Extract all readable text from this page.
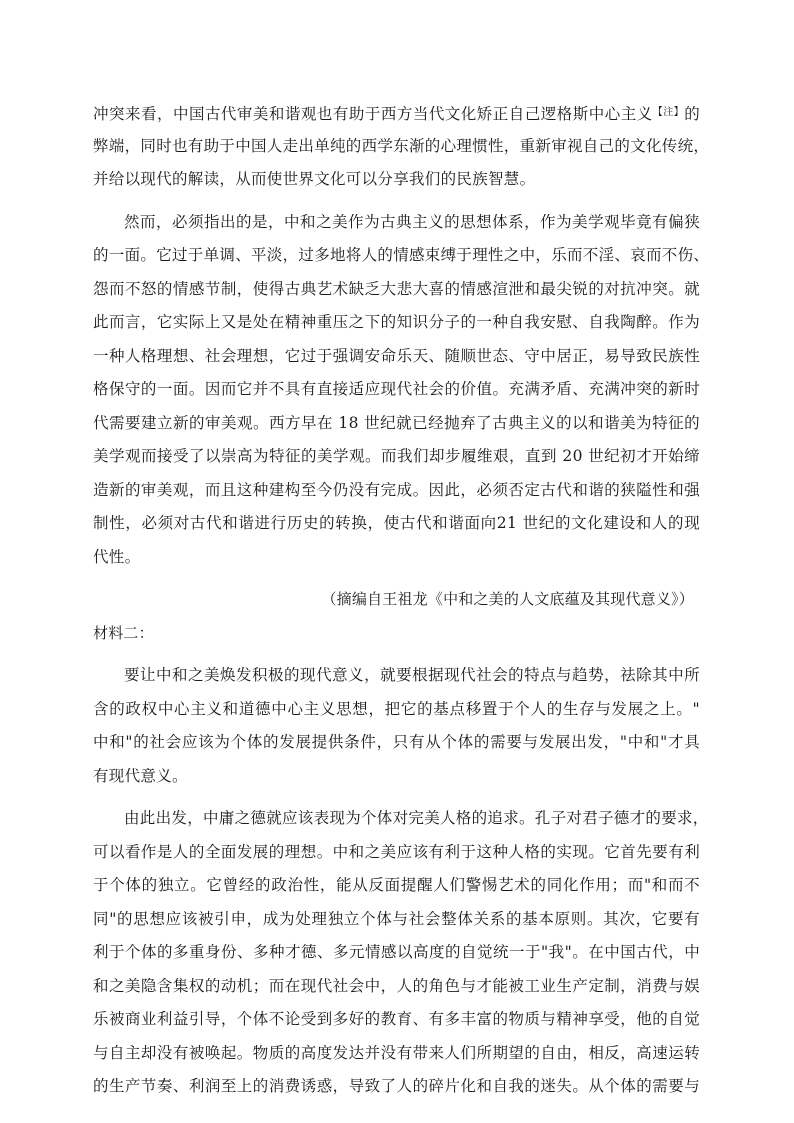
冲突来看，中国古代审美和谐观也有助于西方当代文化矫正自己逻格斯中心主义$^{【注】}$的
弊端，同时也有助于中国人走出单纯的西学东渐的心理惯性，重新审视自己的文化传统，
并给以现代的解读，从而使世界文化可以分享我们的民族智慧。
然而，必须指出的是，中和之美作为古典主义的思想体系，作为美学观毕竟有偏狭
的一面。它过于单调、平淡，过多地将人的情感束缚于理性之中，乐而不淫、哀而不伤、
怨而不怒的情感节制，使得古典艺术缺乏大悲大喜的情感渲泄和最尖锐的对抗冲突。就
此而言，它实际上又是处在精神重压之下的知识分子的一种自我安慰、自我陶醉。作为
一种人格理想、社会理想，它过于强调安命乐天、随顺世态、守中居正，易导致民族性
格保守的一面。因而它并不具有直接适应现代社会的价值。充满矛盾、充满冲突的新时
代需要建立新的审美观。西方早在 18 世纪就已经抛弃了古典主义的以和谐美为特征的
美学观而接受了以崇高为特征的美学观。而我们却步履维艰，直到 20 世纪初才开始缔
造新的审美观，而且这种建构至今仍没有完成。因此，必须否定古代和谐的狭隘性和强
制性，必须对古代和谐进行历史的转换，使古代和谐面向21 世纪的文化建设和人的现
代性。
（摘编自王祖龙《中和之美的人文底蕴及其现代意义》）
材料二：
要让中和之美焕发积极的现代意义，就要根据现代社会的特点与趋势，祛除其中所
含的政权中心主义和道德中心主义思想，把它的基点移置于个人的生存与发展之上。"
中和"的社会应该为个体的发展提供条件，只有从个体的需要与发展出发，"中和"才具
有现代意义。
由此出发，中庸之德就应该表现为个体对完美人格的追求。孔子对君子德才的要求，
可以看作是人的全面发展的理想。中和之美应该有利于这种人格的实现。它首先要有利
于个体的独立。它曾经的政治性，能从反面提醒人们警惕艺术的同化作用；而"和而不
同"的思想应该被引申，成为处理独立个体与社会整体关系的基本原则。其次，它要有
利于个体的多重身份、多种才德、多元情感以高度的自觉统一于"我"。在中国古代，中
和之美隐含集权的动机；而在现代社会中，人的角色与才能被工业生产定制，消费与娱
乐被商业利益引导，个体不论受到多好的教育、有多丰富的物质与精神享受，他的自觉
与自主却没有被唤起。物质的高度发达并没有带来人们所期望的自由，相反，高速运转
的生产节奏、利润至上的消费诱惑，导致了人的碎片化和自我的迷失。从个体的需要与
